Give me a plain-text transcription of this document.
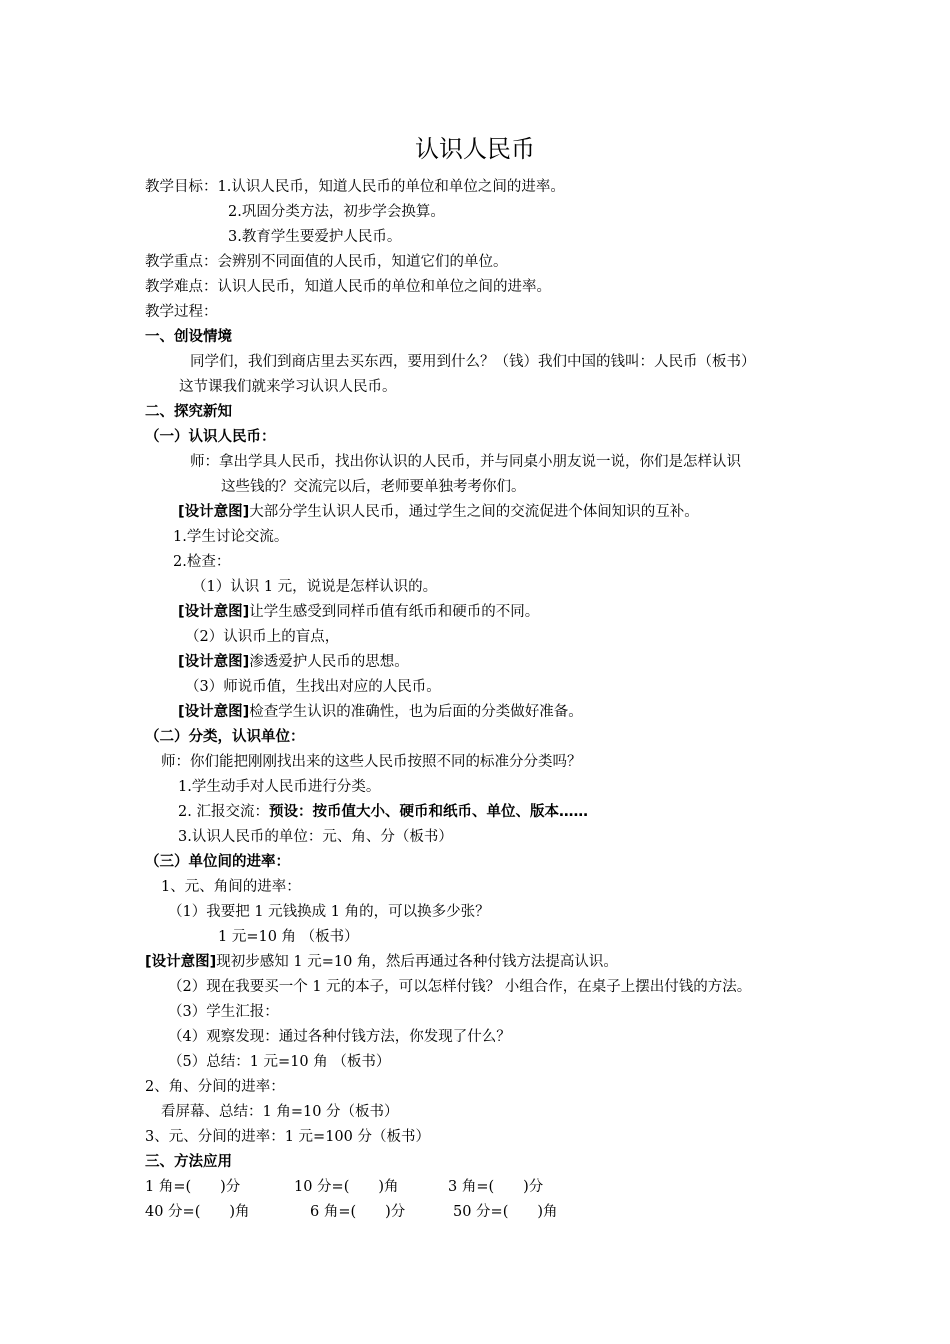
认识人民币
教学目标：1.认识人民币，知道人民币的单位和单位之间的进率。
2.巩固分类方法，初步学会换算。
3.教育学生要爱护人民币。
教学重点：会辨别不同面值的人民币，知道它们的单位。
教学难点：认识人民币，知道人民币的单位和单位之间的进率。
教学过程：
一、创设情境
同学们，我们到商店里去买东西，要用到什么？（钱）我们中国的钱叫：人民币（板书）
这节课我们就来学习认识人民币。
二、探究新知
（一）认识人民币：
师：拿出学具人民币，找出你认识的人民币，并与同桌小朋友说一说，你们是怎样认识
这些钱的？交流完以后，老师要单独考考你们。
[设计意图]大部分学生认识人民币，通过学生之间的交流促进个体间知识的互补。
1.学生讨论交流。
2.检查：
（1）认识 1 元，说说是怎样认识的。
[设计意图]让学生感受到同样币值有纸币和硬币的不同。
（2）认识币上的盲点，
[设计意图]渗透爱护人民币的思想。
（3）师说币值，生找出对应的人民币。
[设计意图]检查学生认识的准确性，也为后面的分类做好准备。
（二）分类，认识单位：
师：你们能把刚刚找出来的这些人民币按照不同的标准分分类吗？
1.学生动手对人民币进行分类。
2. 汇报交流：预设：按币值大小、硬币和纸币、单位、版本……
3.认识人民币的单位：元、角、分（板书）
（三）单位间的进率：
1、元、角间的进率：
（1）我要把 1 元钱换成 1 角的，可以换多少张？
1 元=10 角 （板书）
[设计意图]现初步感知 1 元=10 角，然后再通过各种付钱方法提高认识。
（2）现在我要买一个 1 元的本子，可以怎样付钱？ 小组合作，在桌子上摆出付钱的方法。
（3）学生汇报：
（4）观察发现：通过各种付钱方法，你发现了什么？
（5）总结：1 元=10 角 （板书）
2、角、分间的进率：
看屏幕、总结：1 角=10 分（板书）
3、元、分间的进率：1 元=100 分（板书）
三、方法应用
1 角=(　　)分	10 分=(　　)角	3 角=(　　)分
40 分=(　　)角	6 角=(　　)分	50 分=(　　)角
